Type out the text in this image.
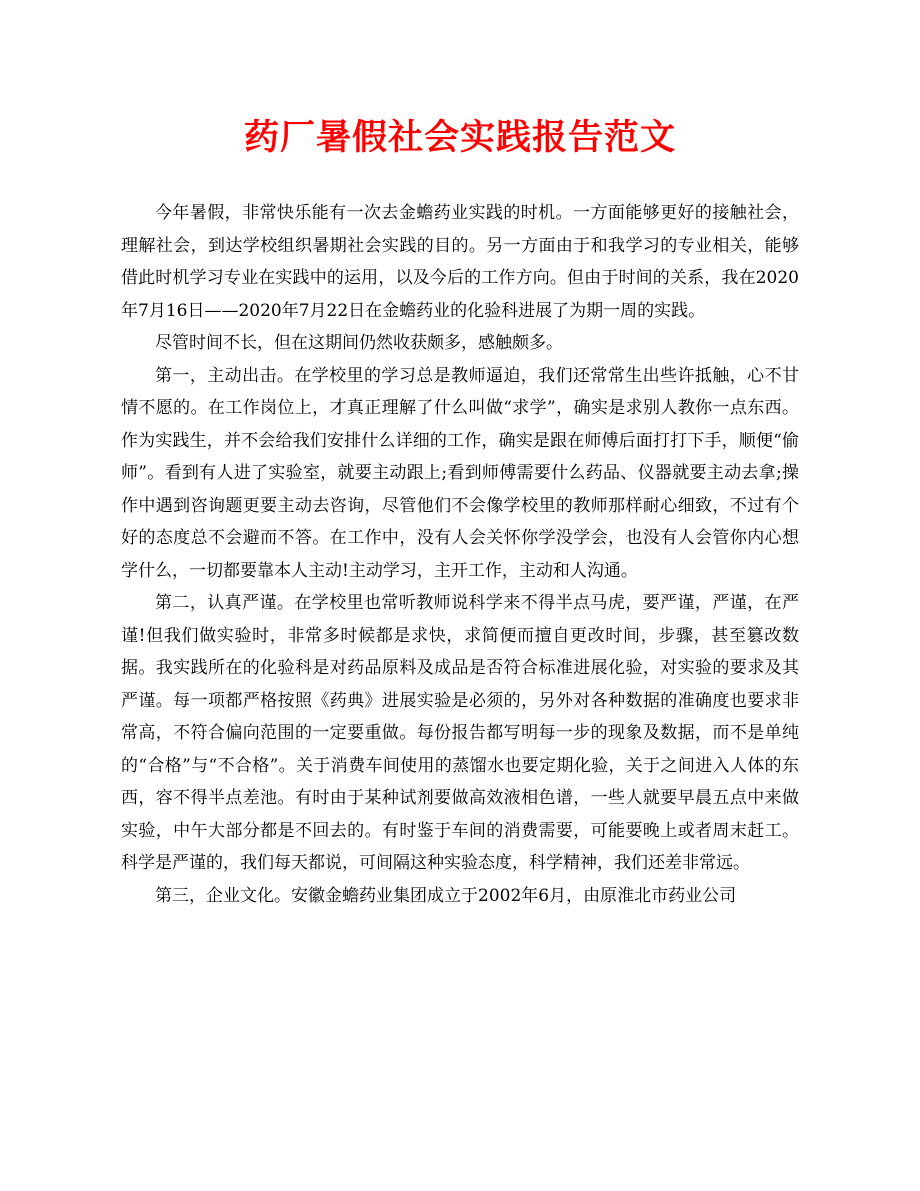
药厂暑假社会实践报告范文

今年暑假，非常快乐能有一次去金蟾药业实践的时机。一方面能够更好的接触社会，理解社会，到达学校组织暑期社会实践的目的。另一方面由于和我学习的专业相关，能够借此时机学习专业在实践中的运用，以及今后的工作方向。但由于时间的关系，我在2020年7月16日——2020年7月22日在金蟾药业的化验科进展了为期一周的实践。

尽管时间不长，但在这期间仍然收获颇多，感触颇多。

第一，主动出击。在学校里的学习总是教师逼迫，我们还常常生出些许抵触，心不甘情不愿的。在工作岗位上，才真正理解了什么叫做“求学”，确实是求别人教你一点东西。作为实践生，并不会给我们安排什么详细的工作，确实是跟在师傅后面打打下手，顺便“偷师”。看到有人进了实验室，就要主动跟上;看到师傅需要什么药品、仪器就要主动去拿;操作中遇到咨询题更要主动去咨询，尽管他们不会像学校里的教师那样耐心细致，不过有个好的态度总不会避而不答。在工作中，没有人会关怀你学没学会，也没有人会管你内心想学什么，一切都要靠本人主动!主动学习，主开工作，主动和人沟通。

第二，认真严谨。在学校里也常听教师说科学来不得半点马虎，要严谨，严谨，在严谨!但我们做实验时，非常多时候都是求快，求简便而擅自更改时间，步骤，甚至篡改数据。我实践所在的化验科是对药品原料及成品是否符合标准进展化验，对实验的要求及其严谨。每一项都严格按照《药典》进展实验是必须的，另外对各种数据的准确度也要求非常高，不符合偏向范围的一定要重做。每份报告都写明每一步的现象及数据，而不是单纯的“合格”与“不合格”。关于消费车间使用的蒸馏水也要定期化验，关于之间进入人体的东西，容不得半点差池。有时由于某种试剂要做高效液相色谱，一些人就要早晨五点中来做实验，中午大部分都是不回去的。有时鉴于车间的消费需要，可能要晚上或者周末赶工。科学是严谨的，我们每天都说，可间隔这种实验态度，科学精神，我们还差非常远。

第三，企业文化。安徽金蟾药业集团成立于2002年6月，由原淮北市药业公司
